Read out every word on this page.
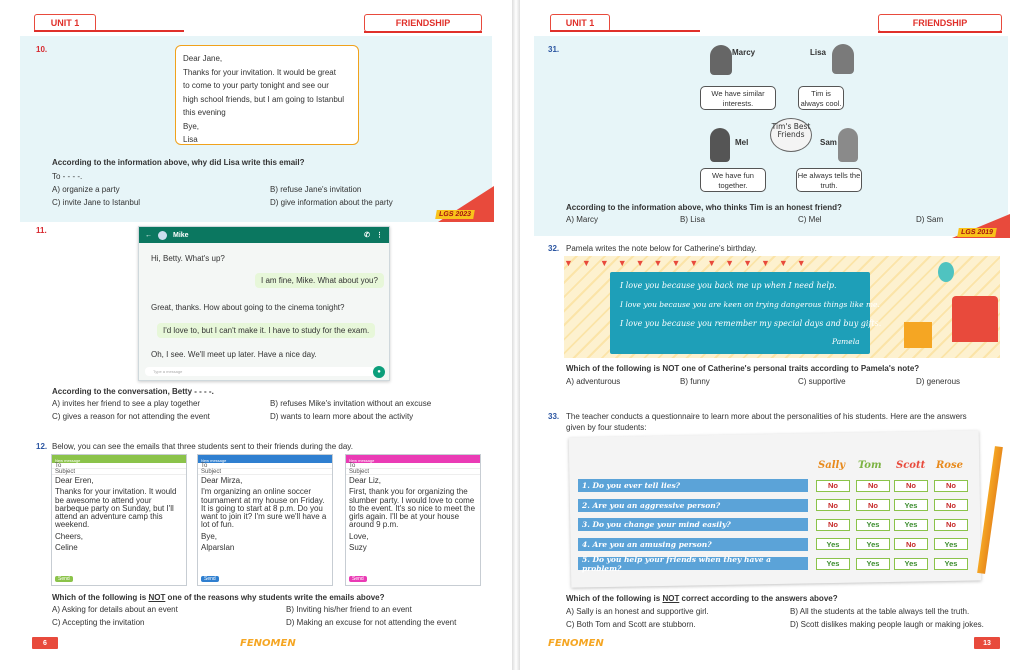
UNIT 1	FRIENDSHIP
10.
Dear Jane,
Thanks for your invitation. It would be great
to come to your party tonight and see our
high school friends, but I am going to Istanbul
this evening
Bye,
Lisa
According to the information above, why did Lisa write this email?
To - - - -.
A) organize a party	B) refuse Jane's invitation
C) invite Jane to Istanbul	D) give information about the party
LGS 2023
11.	←	Mike	✆ ⋮
Hi, Betty. What's up?
I am fine, Mike. What about you?
Great, thanks. How about going to the cinema tonight?
I'd love to, but I can't make it. I have to study for the exam.
Oh, I see. We'll meet up later. Have a nice day.
Type a message	●
According to the conversation, Betty - - - -.
A) invites her friend to see a play together	B) refuses Mike's invitation without an excuse
C) gives a reason for not attending the event	D) wants to learn more about the activity
12. Below, you can see the emails that three students sent to their friends during the day.
New message
To
Subject
Dear Eren,
Thanks for your invitation. It would be awesome to attend your barbeque party on Sunday, but I'll attend an adventure camp this weekend.
Cheers,
Celine
Send
New message
To
Subject
Dear Mirza,
I'm organizing an online soccer tournament at my house on Friday. It is going to start at 8 p.m. Do you want to join it? I'm sure we'll have a lot of fun.
Bye,
Alparslan
Send
New message
To
Subject
Dear Liz,
First, thank you for organizing the slumber party. I would love to come to the event. It's so nice to meet the girls again. I'll be at your house around 9 p.m.
Love,
Suzy
Send
Which of the following is NOT one of the reasons why students write the emails above?
A) Asking for details about an event	B) Inviting his/her friend to an event
C) Accepting the invitation	D) Making an excuse for not attending the event
6	FENOMEN
UNIT 1	FRIENDSHIP
31.	Marcy	Lisa
We have similar interests.
Tim is always cool.
Tim's Best Friends
Mel	Sam
We have fun together.
He always tells the truth.
According to the information above, who thinks Tim is an honest friend?
A) Marcy	B) Lisa	C) Mel	D) Sam
LGS 2019
32. Pamela writes the note below for Catherine's birthday.
▼▼▼▼▼▼▼▼▼▼▼▼▼▼
I love you because you back me up when I need help.
I love you because you are keen on trying dangerous things like me.
I love you because you remember my special days and buy gifts.
Pamela
Which of the following is NOT one of Catherine's personal traits according to Pamela's note?
A) adventurous	B) funny	C) supportive	D) generous
33. The teacher conducts a questionnaire to learn more about the personalities of his students. Here are the answers
given by four students:
Sally Tom Scott Rose
1. Do you ever tell lies?	No	No	No	No
2. Are you an aggressive person?	No	No	Yes	No
3. Do you change your mind easily?	No	Yes	Yes	No
4. Are you an amusing person?	Yes	Yes	No	Yes
5. Do you help your friends when they have a problem?	Yes	Yes	Yes	Yes
Which of the following is NOT correct according to the answers above?
A) Sally is an honest and supportive girl.	B) All the students at the table always tell the truth.
C) Both Tom and Scott are stubborn.	D) Scott dislikes making people laugh or making jokes.
FENOMEN	13
